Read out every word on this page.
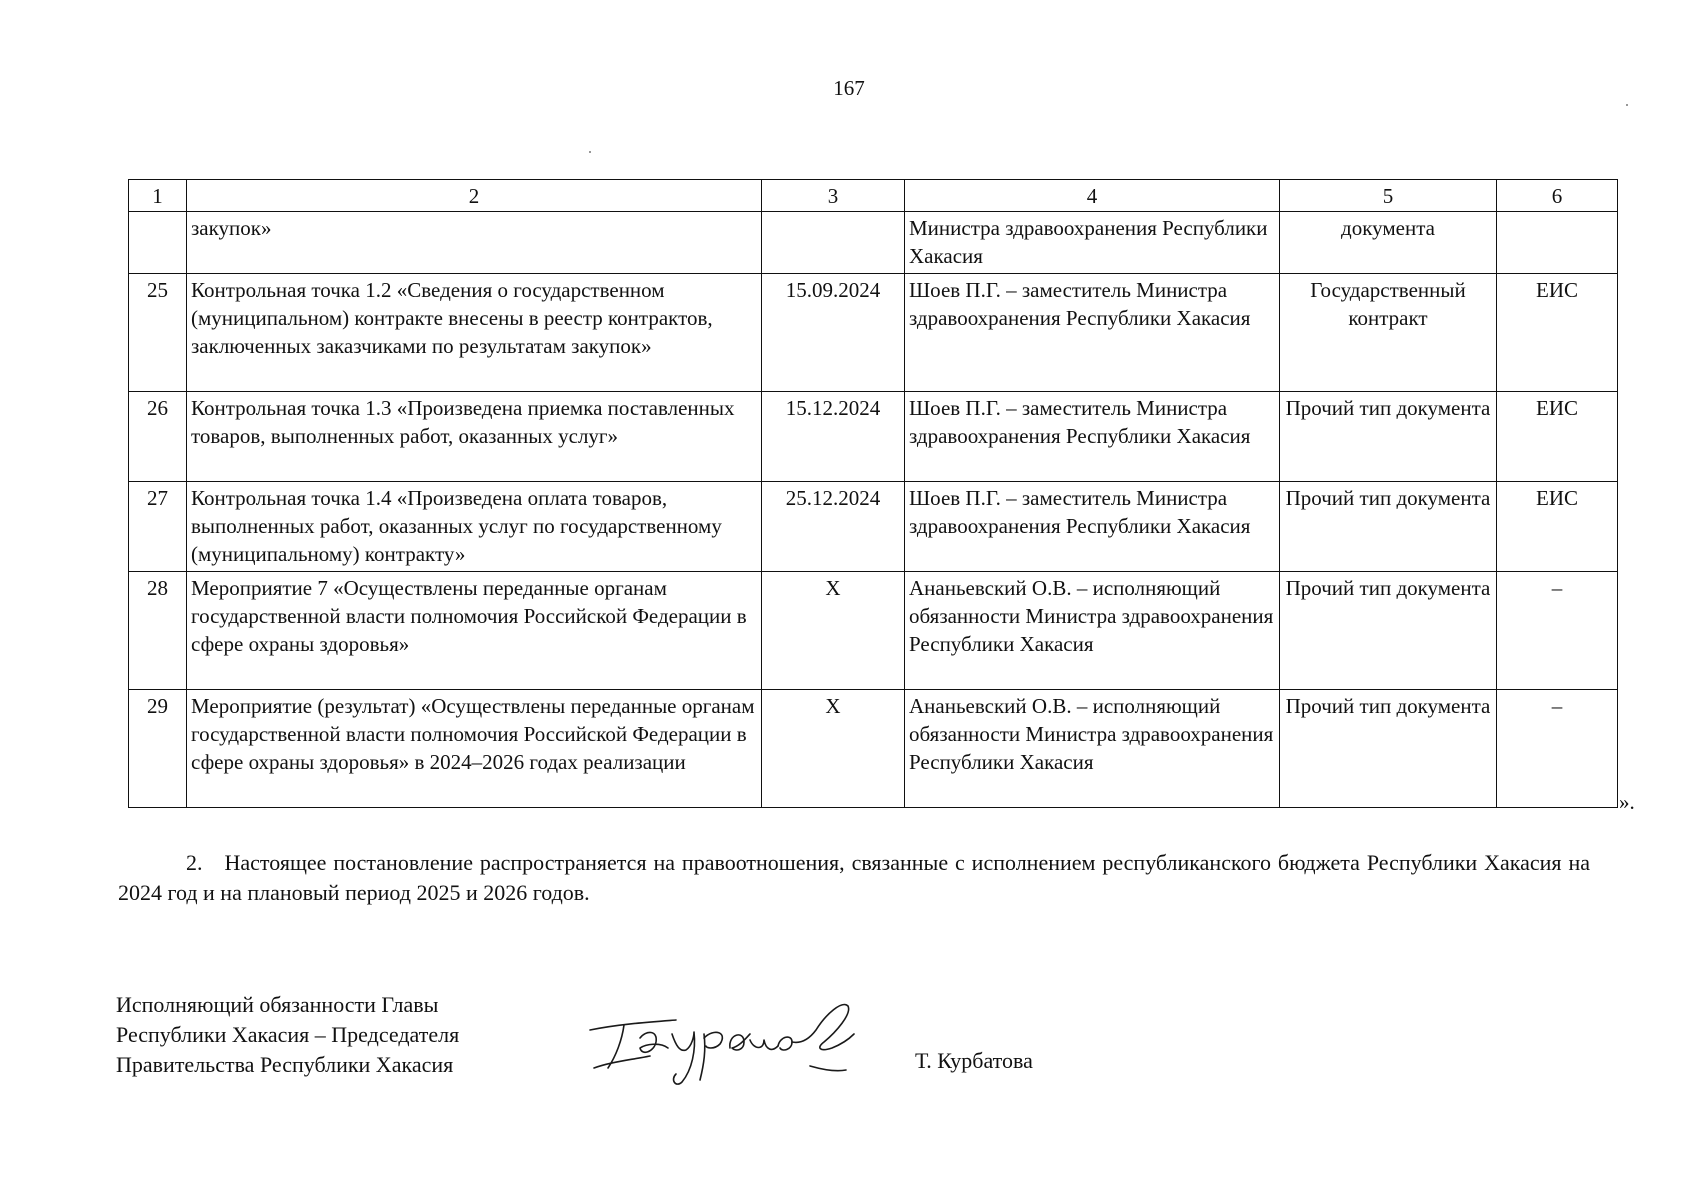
167
1	2	3	4	5	6
	закупок»		Министра здравоохранения Республики Хакасия	документа	
25	Контрольная точка 1.2 «Сведения о государственном (муниципальном) контракте внесены в реестр контрактов, заключенных заказчиками по результатам закупок»	15.09.2024	Шоев П.Г. – заместитель Министра здравоохранения Республики Хакасия	Государственный контракт	ЕИС
26	Контрольная точка 1.3 «Произведена приемка поставленных товаров, выполненных работ, оказанных услуг»	15.12.2024	Шоев П.Г. – заместитель Министра здравоохранения Республики Хакасия	Прочий тип документа	ЕИС
27	Контрольная точка 1.4 «Произведена оплата товаров, выполненных работ, оказанных услуг по государственному (муниципальному) контракту»	25.12.2024	Шоев П.Г. – заместитель Министра здравоохранения Республики Хакасия	Прочий тип документа	ЕИС
28	Мероприятие 7 «Осуществлены переданные органам государственной власти полномочия Российской Федерации в сфере охраны здоровья»	Х	Ананьевский О.В. – исполняющий обязанности Министра здравоохранения Республики Хакасия	Прочий тип документа	–
29	Мероприятие (результат) «Осуществлены переданные органам государственной власти полномочия Российской Федерации в сфере охраны здоровья» в 2024–2026 годах реализации	Х	Ананьевский О.В. – исполняющий обязанности Министра здравоохранения Республики Хакасия	Прочий тип документа	–
».
2. Настоящее постановление распространяется на правоотношения, связанные с исполнением республиканского бюджета Республики Хакасия на 2024 год и на плановый период 2025 и 2026 годов.
Исполняющий обязанности Главы
Республики Хакасия – Председателя
Правительства Республики Хакасия	Т. Курбатова
